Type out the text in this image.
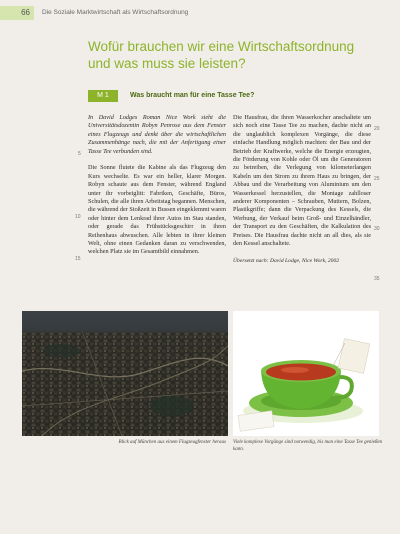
66	Die Soziale Marktwirtschaft als Wirtschaftsordnung
Wofür brauchen wir eine Wirtschaftsordnung
und was muss sie leisten?
M 1	Was braucht man für eine Tasse Tee?

In David Lodges Roman Nice Work sieht die Universitätsdozentin Robyn Penrose aus dem Fenster eines Flugzeugs und denkt über die wirtschaftlichen Zusammenhänge nach, die mit der Anfertigung einer Tasse Tee verbunden sind.

Die Sonne flutete die Kabine als das Flugzeug den Kurs wechselte. Es war ein heller, klarer Morgen. Robyn schaute aus dem Fenster, während England unter ihr vorbeiglitt: Fabriken, Geschäfte, Büros, Schulen, die alle ihren Arbeitstag begannen. Menschen, die während der Stoßzeit in Bussen eingeklemmt waren oder hinter dem Lenkrad ihrer Autos im Stau standen, oder gerade das Frühstücksgeschirr in ihren Reihenhaus abwuschen. Alle lebten in ihrer kleinen Welt, ohne einen Gedanken daran zu verschwenden, welchen Platz sie im Gesamtbild einnahmen.

Die Hausfrau, die ihren Wasserkocher anschaltete um sich noch eine Tasse Tee zu machen, dachte nicht an die unglaublich komplexen Vorgänge, die diese einfache Handlung möglich machten: der Bau und der Betrieb der Kraftwerke, welche die Energie erzeugten, die Förderung von Kohle oder Öl um die Generatoren zu betreiben, die Verlegung von kilometerlangen Kabeln um den Strom zu ihrem Haus zu bringen, der Abbau und die Verarbeitung von Aluminium um den Wasserkessel herzustellen, die Montage zahlloser anderer Komponenten – Schrauben, Muttern, Bolzen, Plastikgriffe; dann die Verpackung des Kessels, die Werbung, der Verkauf beim Groß- und Einzelhändler, der Transport zu den Geschäften, die Kalkulation des Preises. Die Hausfrau dachte nicht an all dies, als sie den Kessel anschaltete.

Übersetzt nach: David Lodge, Nice Work, 2002

5
10
15
20
25
30
35
Blick auf München aus einem Flugzeugfenster heraus Viele komplexe Vorgänge sind notwendig, bis man eine Tasse Tee genießen kann.
